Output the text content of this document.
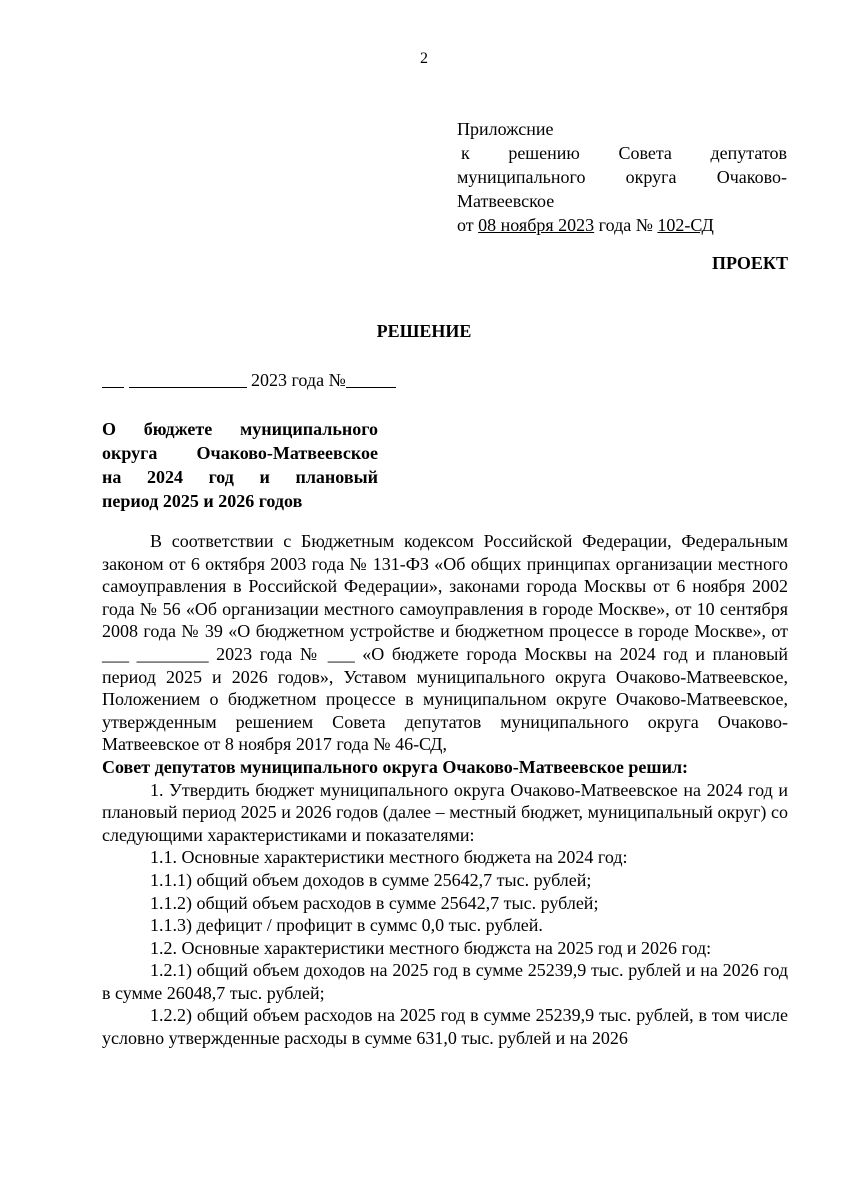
2
Приложсние
к решению Совета депутатов
муниципального округа Очаково-
Матвеевское
от 08 ноября 2023 года № 102-СД
ПРОЕКТ
РЕШЕНИЕ
2023 года №
О бюджете муниципального
округа Очаково-Матвеевское
на 2024 год и плановый
период 2025 и 2026 годов

В соответствии с Бюджетным кодексом Российской Федерации, Федеральным законом от 6 октября 2003 года № 131-ФЗ «Об общих принципах организации местного самоуправления в Российской Федерации», законами города Москвы от 6 ноября 2002 года № 56 «Об организации местного самоуправления в городе Москве», от 10 сентября 2008 года № 39 «О бюджетном устройстве и бюджетном процессе в городе Москве», от ___ ________ 2023 года № ___ «О бюджете города Москвы на 2024 год и плановый период 2025 и 2026 годов», Уставом муниципального округа Очаково-Матвеевское, Положением о бюджетном процессе в муниципальном округе Очаково-Матвеевское, утвержденным решением Совета депутатов муниципального округа Очаково-Матвеевское от 8 ноября 2017 года № 46-СД,

Совет депутатов муниципального округа Очаково-Матвеевское решил:

1. Утвердить бюджет муниципального округа Очаково-Матвеевское на 2024 год и плановый период 2025 и 2026 годов (далее – местный бюджет, муниципальный округ) со следующими характеристиками и показателями:

1.1. Основные характеристики местного бюджета на 2024 год:

1.1.1) общий объем доходов в сумме 25642,7 тыс. рублей;

1.1.2) общий объем расходов в сумме 25642,7 тыс. рублей;

1.1.3) дефицит / профицит в суммс 0,0 тыс. рублей.

1.2. Основные характеристики местного бюджста на 2025 год и 2026 год:

1.2.1) общий объем доходов на 2025 год в сумме 25239,9 тыс. рублей и на 2026 год в сумме 26048,7 тыс. рублей;

1.2.2) общий объем расходов на 2025 год в сумме 25239,9 тыс. рублей, в том числе условно утвержденные расходы в сумме 631,0 тыс. рублей и на 2026
